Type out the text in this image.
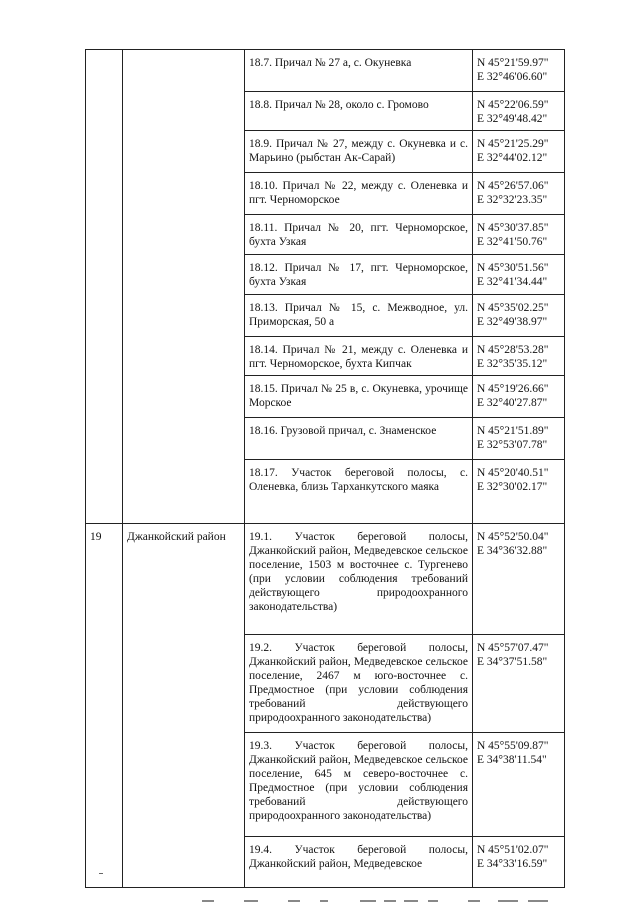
		18.7. Причал № 27 а, с. Окуневка	N 45°21'59.97"
E 32°46'06.60"

		18.8. Причал № 28, около с. Громово	N 45°22'06.59"
E 32°49'48.42"

		18.9. Причал № 27, между с. Окуневка и с. Марьино (рыбстан Ак-Сарай)	N 45°21'25.29"
E 32°44'02.12"

		18.10. Причал № 22, между с. Оленевка и пгт. Черноморское	N 45°26'57.06"
E 32°32'23.35"

		18.11. Причал № 20, пгт. Черноморское, бухта Узкая	N 45°30'37.85"
E 32°41'50.76"

		18.12. Причал № 17, пгт. Черноморское, бухта Узкая	N 45°30'51.56"
E 32°41'34.44"

		18.13. Причал № 15, с. Межводное, ул. Приморская, 50 а	N 45°35'02.25"
E 32°49'38.97"

		18.14. Причал № 21, между с. Оленевка и пгт. Черноморское, бухта Кипчак	N 45°28'53.28"
E 32°35'35.12"

		18.15. Причал № 25 в, с. Окуневка, урочище Морское	N 45°19'26.66"
E 32°40'27.87"

		18.16. Грузовой причал, с. Знаменское	N 45°21'51.89"
E 32°53'07.78"

		18.17. Участок береговой полосы, с. Оленевка, близь Тарханкутского маяка	N 45°20'40.51"
E 32°30'02.17"

19	Джанкойский район	19.1. Участок береговой полосы, Джанкойский район, Медведевское сельское поселение, 1503 м восточнее с. Тургенево (при условии соблюдения требований действующего природоохранного законодательства)	N 45°52'50.04"
E 34°36'32.88"

		19.2. Участок береговой полосы, Джанкойский район, Медведевское сельское поселение, 2467 м юго-восточнее с. Предмостное (при условии соблюдения требований действующего природоохранного законодательства)	N 45°57'07.47"
E 34°37'51.58"

		19.3. Участок береговой полосы, Джанкойский район, Медведевское сельское поселение, 645 м северо-восточнее с. Предмостное (при условии соблюдения требований действующего природоохранного законодательства)	N 45°55'09.87"
E 34°38'11.54"

		19.4. Участок береговой полосы, Джанкойский район, Медведевское	N 45°51'02.07"
E 34°33'16.59"
